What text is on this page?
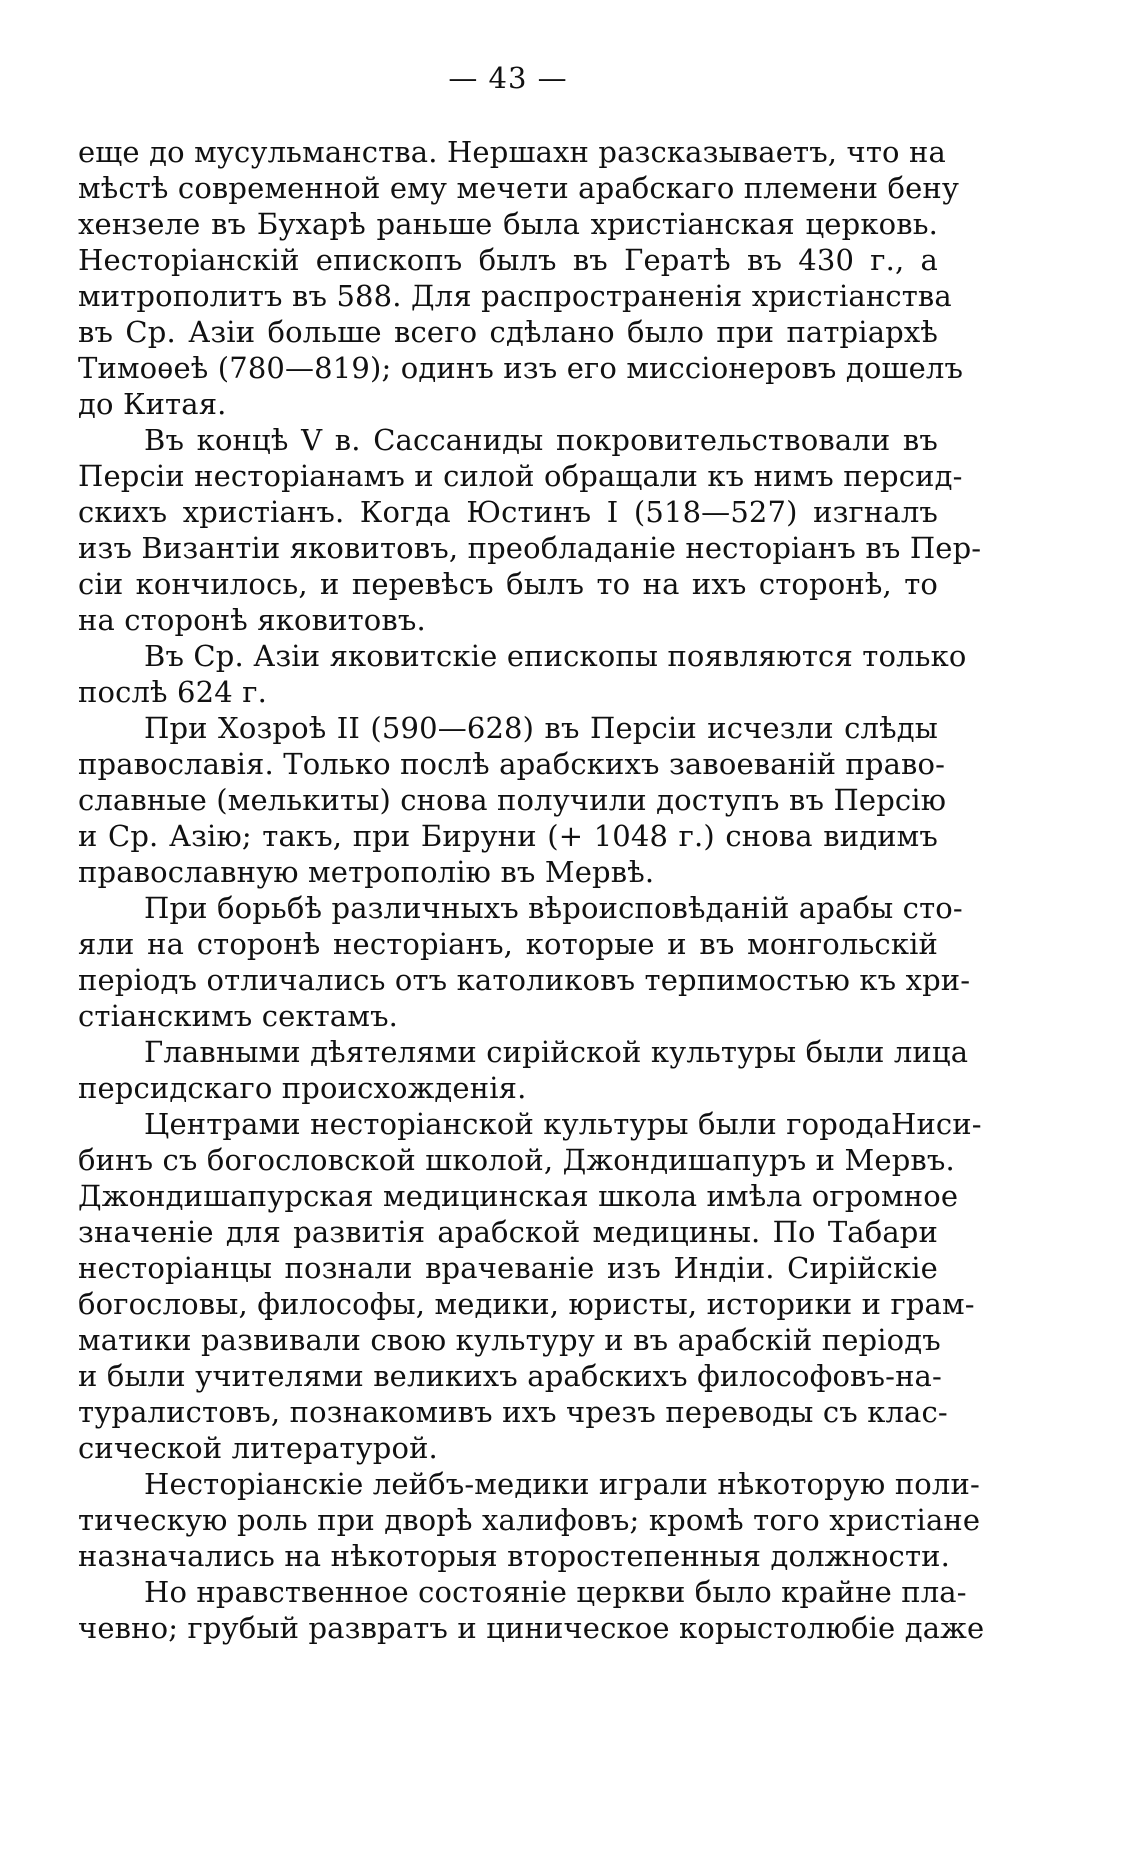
— 43 —
еще до мусульманства. Нершахн разсказываетъ, что на
мѣстѣ современной ему мечети арабскаго племени бену
хензеле въ Бухарѣ раньше была христіанская церковь.
Несторіанскій епископъ былъ въ Гератѣ въ 430 г., а
митрополитъ въ 588. Для распространенія христіанства
въ Ср. Азіи больше всего сдѣлано было при патріархѣ
Тимоѳеѣ (780—819); одинъ изъ его миссіонеровъ дошелъ
до Китая.
Въ концѣ V в. Сассаниды покровительствовали въ
Персіи несторіанамъ и силой обращали къ нимъ персид-
скихъ христіанъ. Когда Юстинъ I (518—527) изгналъ
изъ Византіи яковитовъ, преобладаніе несторіанъ въ Пер-
сіи кончилось, и перевѣсъ былъ то на ихъ сторонѣ, то
на сторонѣ яковитовъ.
Въ Ср. Азіи яковитскіе епископы появляются только
послѣ 624 г.
При Хозроѣ II (590—628) въ Персіи исчезли слѣды
православія. Только послѣ арабскихъ завоеваній право-
славные (мелькиты) снова получили доступъ въ Персію
и Ср. Азію; такъ, при Бируни (+ 1048 г.) снова видимъ
православную метрополію въ Мервѣ.
При борьбѣ различныхъ вѣроисповѣданій арабы сто-
яли на сторонѣ несторіанъ, которые и въ монгольскій
періодъ отличались отъ католиковъ терпимостью къ хри-
стіанскимъ сектамъ.
Главными дѣятелями сирійской культуры были лица
персидскаго происхожденія.
Центрами несторіанской культуры были городаНиси-
бинъ съ богословской школой, Джондишапуръ и Мервъ.
Джондишапурская медицинская школа имѣла огромное
значеніе для развитія арабской медицины. По Табари
несторіанцы познали врачеваніе изъ Индіи. Сирійскіе
богословы, философы, медики, юристы, историки и грам-
матики развивали свою культуру и въ арабскій періодъ
и были учителями великихъ арабскихъ философовъ-на-
туралистовъ, познакомивъ ихъ чрезъ переводы съ клас-
сической литературой.
Несторіанскіе лейбъ-медики играли нѣкоторую поли-
тическую роль при дворѣ халифовъ; кромѣ того христіане
назначались на нѣкоторыя второстепенныя должности.
Но нравственное состояніе церкви было крайне пла-
чевно; грубый развратъ и циническое корыстолюбіе даже
